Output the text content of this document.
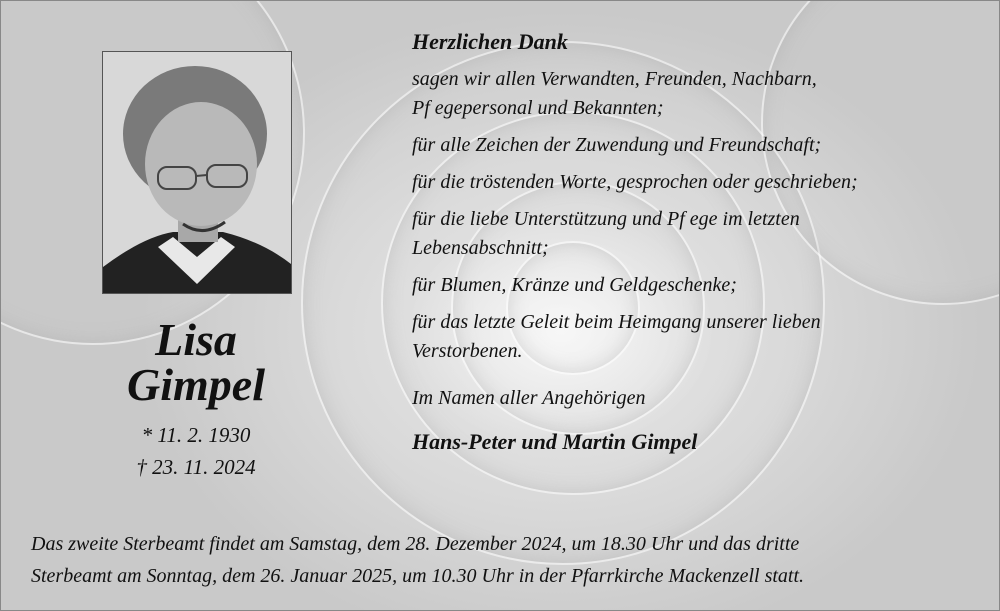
Lisa
Gimpel
* 11. 2. 1930
† 23. 11. 2024
Herzlichen Dank

sagen wir allen Verwandten, Freunden, Nachbarn,
Pf egepersonal und Bekannten;

für alle Zeichen der Zuwendung und Freundschaft;

für die tröstenden Worte, gesprochen oder geschrieben;

für die liebe Unterstützung und Pf ege im letzten
Lebensabschnitt;

für Blumen, Kränze und Geldgeschenke;

für das letzte Geleit beim Heimgang unserer lieben
Verstorbenen.

Im Namen aller Angehörigen

Hans-Peter und Martin Gimpel
Das zweite Sterbeamt findet am Samstag, dem 28. Dezember 2024, um 18.30 Uhr und das dritte
Sterbeamt am Sonntag, dem 26. Januar 2025, um 10.30 Uhr in der Pfarrkirche Mackenzell statt.
